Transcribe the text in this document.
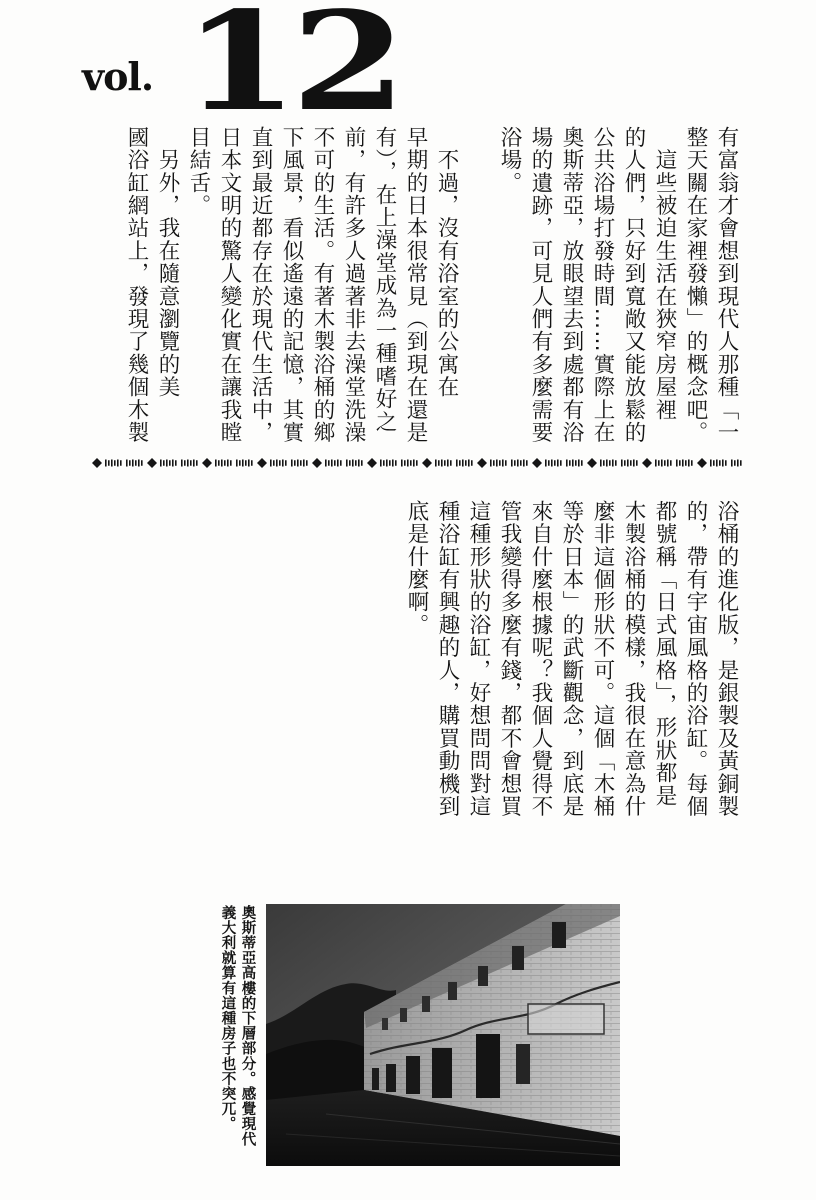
vol. 12
有富翁才會想到現代人那種「一
整天關在家裡發懶」的概念吧。
　這些被迫生活在狹窄房屋裡
的人們，只好到寬敞又能放鬆的
公共浴場打發時間……實際上在
奧斯蒂亞，放眼望去到處都有浴
場的遺跡，可見人們有多麼需要
浴場。
　不過，沒有浴室的公寓在
早期的日本很常見（到現在還是
有），在上澡堂成為一種嗜好之
前，有許多人過著非去澡堂洗澡
不可的生活。有著木製浴桶的鄉
下風景，看似遙遠的記憶，其實
直到最近都存在於現代生活中，
日本文明的驚人變化實在讓我瞠
目結舌。
　另外，我在隨意瀏覽的美
國浴缸網站上，發現了幾個木製
浴桶的進化版，是銀製及黃銅製
的，帶有宇宙風格的浴缸。每個
都號稱「日式風格」，形狀都是
木製浴桶的模樣，我很在意為什
麼非這個形狀不可。這個「木桶
等於日本」的武斷觀念，到底是
來自什麼根據呢？我個人覺得不
管我變得多麼有錢，都不會想買
這種形狀的浴缸，好想問問對這
種浴缸有興趣的人，購買動機到
底是什麼啊。
奧斯蒂亞高樓的下層部分。感覺現代
義大利就算有這種房子也不突兀。
